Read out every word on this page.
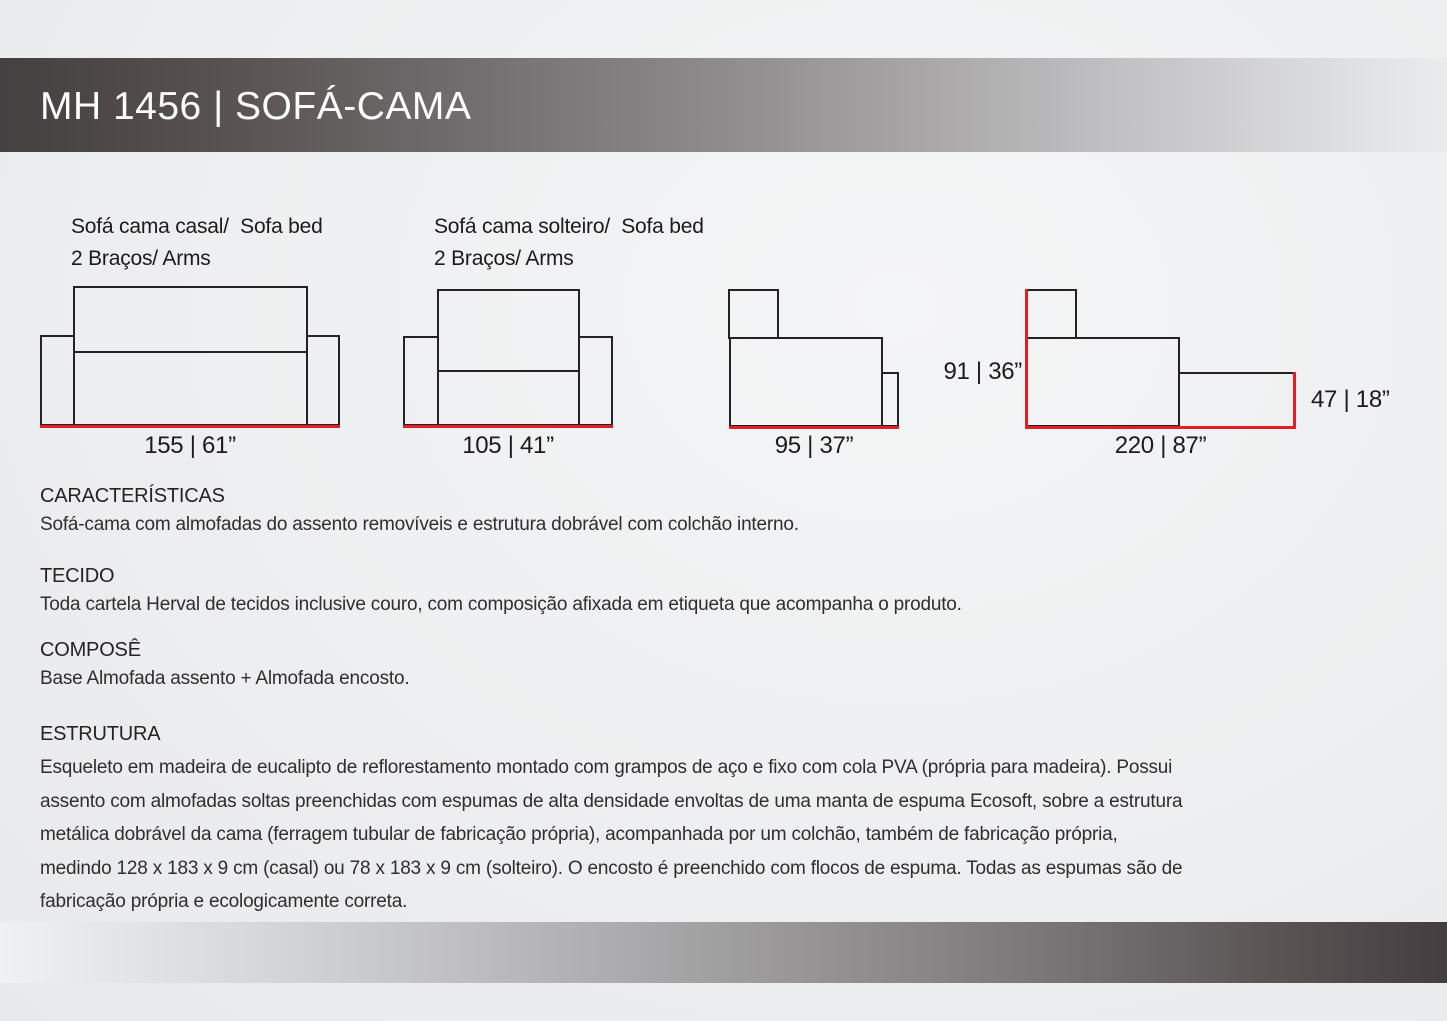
MH 1456 | SOFÁ-CAMA
Sofá cama casal/  Sofa bed
2 Braços/ Arms
155 | 61”
Sofá cama solteiro/  Sofa bed
2 Braços/ Arms
105 | 41”	95 | 37”
91 | 36”
220 | 87”
47 | 18”
CARACTERÍSTICAS

Sofá-cama com almofadas do assento removíveis e estrutura dobrável com colchão interno.

TECIDO

Toda cartela Herval de tecidos inclusive couro, com composição afixada em etiqueta que acompanha o produto.

COMPOSÊ

Base Almofada assento + Almofada encosto.

ESTRUTURA
Esqueleto em madeira de eucalipto de reflorestamento montado com grampos de aço e fixo com cola PVA (própria para madeira). Possui
assento com almofadas soltas preenchidas com espumas de alta densidade envoltas de uma manta de espuma Ecosoft, sobre a estrutura
metálica dobrável da cama (ferragem tubular de fabricação própria), acompanhada por um colchão, também de fabricação própria,
medindo 128 x 183 x 9 cm (casal) ou 78 x 183 x 9 cm (solteiro). O encosto é preenchido com flocos de espuma. Todas as espumas são de
fabricação própria e ecologicamente correta.
